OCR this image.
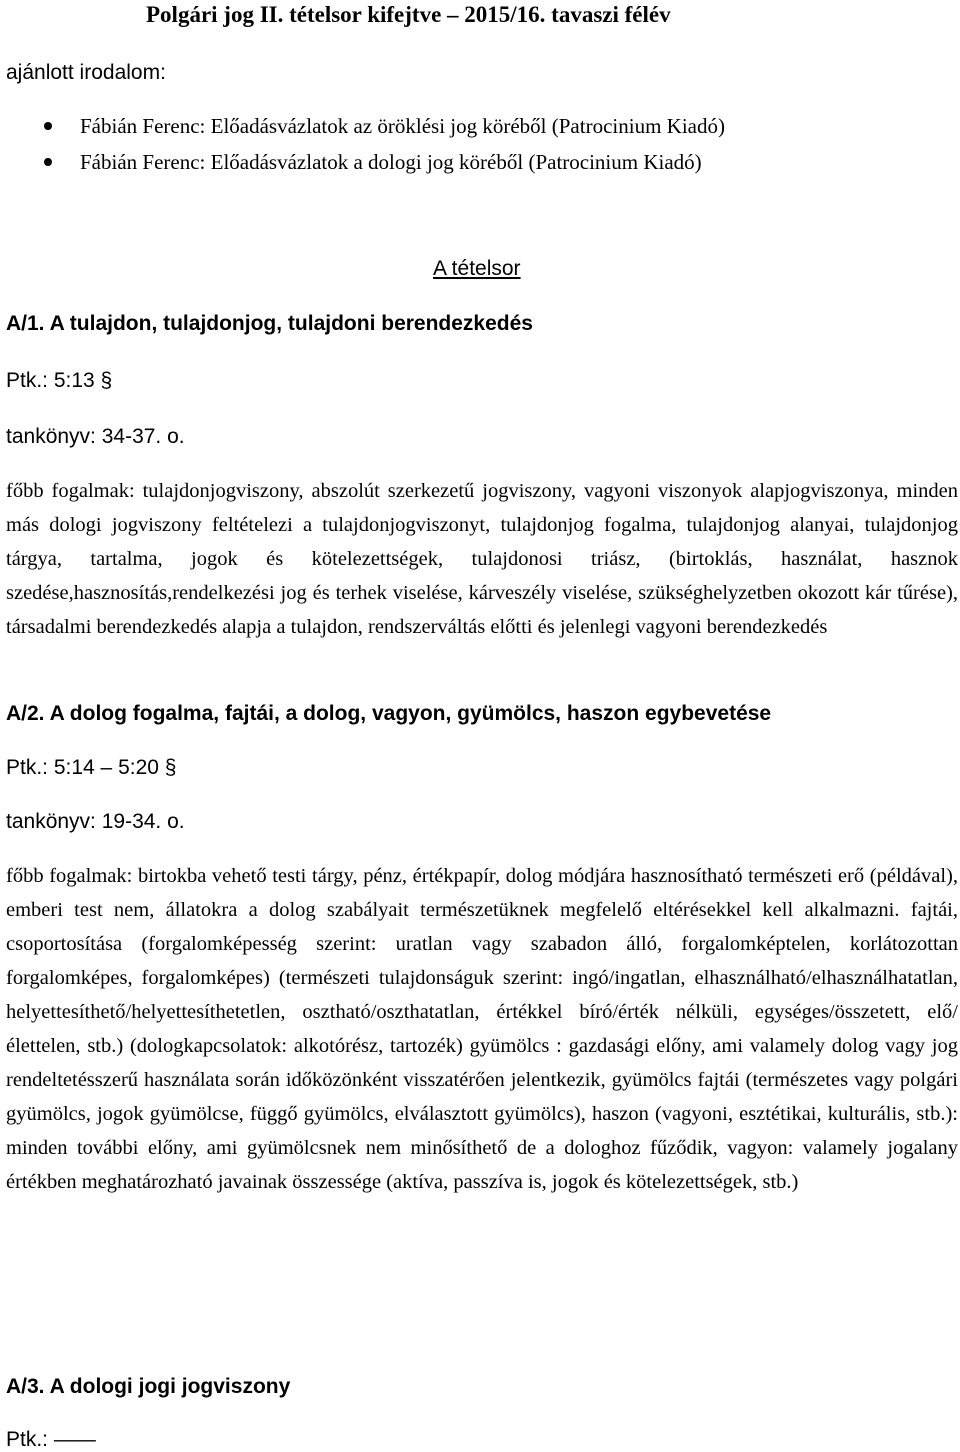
Polgári jog II. tételsor kifejtve – 2015/16. tavaszi félév
ajánlott irodalom:
Fábián Ferenc: Előadásvázlatok az öröklési jog köréből (Patrocinium Kiadó)
Fábián Ferenc: Előadásvázlatok a dologi jog köréből (Patrocinium Kiadó)
A tételsor
A/1. A tulajdon, tulajdonjog, tulajdoni berendezkedés
Ptk.: 5:13 §
tankönyv: 34-37. o.
főbb fogalmak: tulajdonjogviszony, abszolút szerkezetű jogviszony, vagyoni viszonyok alapjogviszonya, minden más dologi jogviszony feltételezi a tulajdonjogviszonyt, tulajdonjog fogalma, tulajdonjog alanyai, tulajdonjog tárgya, tartalma, jogok és kötelezettségek, tulajdonosi triász, (birtoklás, használat, hasznok szedése,hasznosítás,rendelkezési jog és terhek viselése, kárveszély viselése, szükséghelyzetben okozott kár tűrése), társadalmi berendezkedés alapja a tulajdon, rendszerváltás előtti és jelenlegi vagyoni berendezkedés
A/2. A dolog fogalma, fajtái, a dolog, vagyon, gyümölcs, haszon egybevetése
Ptk.: 5:14 – 5:20 §
tankönyv: 19-34. o.
főbb fogalmak: birtokba vehető testi tárgy, pénz, értékpapír, dolog módjára hasznosítható természeti erő (példával), emberi test nem, állatokra a dolog szabályait természetüknek megfelelő eltérésekkel kell alkalmazni. fajtái, csoportosítása (forgalomképesség szerint: uratlan vagy szabadon álló, forgalomképtelen, korlátozottan forgalomképes, forgalomképes) (természeti tulajdonságuk szerint: ingó/ingatlan, elhasználható/elhasználhatatlan, helyettesíthető/helyettesíthetetlen, osztható/oszthatatlan, értékkel bíró/érték nélküli, egységes/összetett, elő/élettelen, stb.) (dologkapcsolatok: alkotórész, tartozék) gyümölcs : gazdasági előny, ami valamely dolog vagy jog rendeltetésszerű használata során időközönként visszatérően jelentkezik, gyümölcs fajtái (természetes vagy polgári gyümölcs, jogok gyümölcse, függő gyümölcs, elválasztott gyümölcs), haszon (vagyoni, esztétikai, kulturális, stb.): minden további előny, ami gyümölcsnek nem minősíthető de a dologhoz fűződik, vagyon: valamely jogalany értékben meghatározható javainak összessége (aktíva, passzíva is, jogok és kötelezettségek, stb.)
A/3. A dologi jogi jogviszony
Ptk.: ——
